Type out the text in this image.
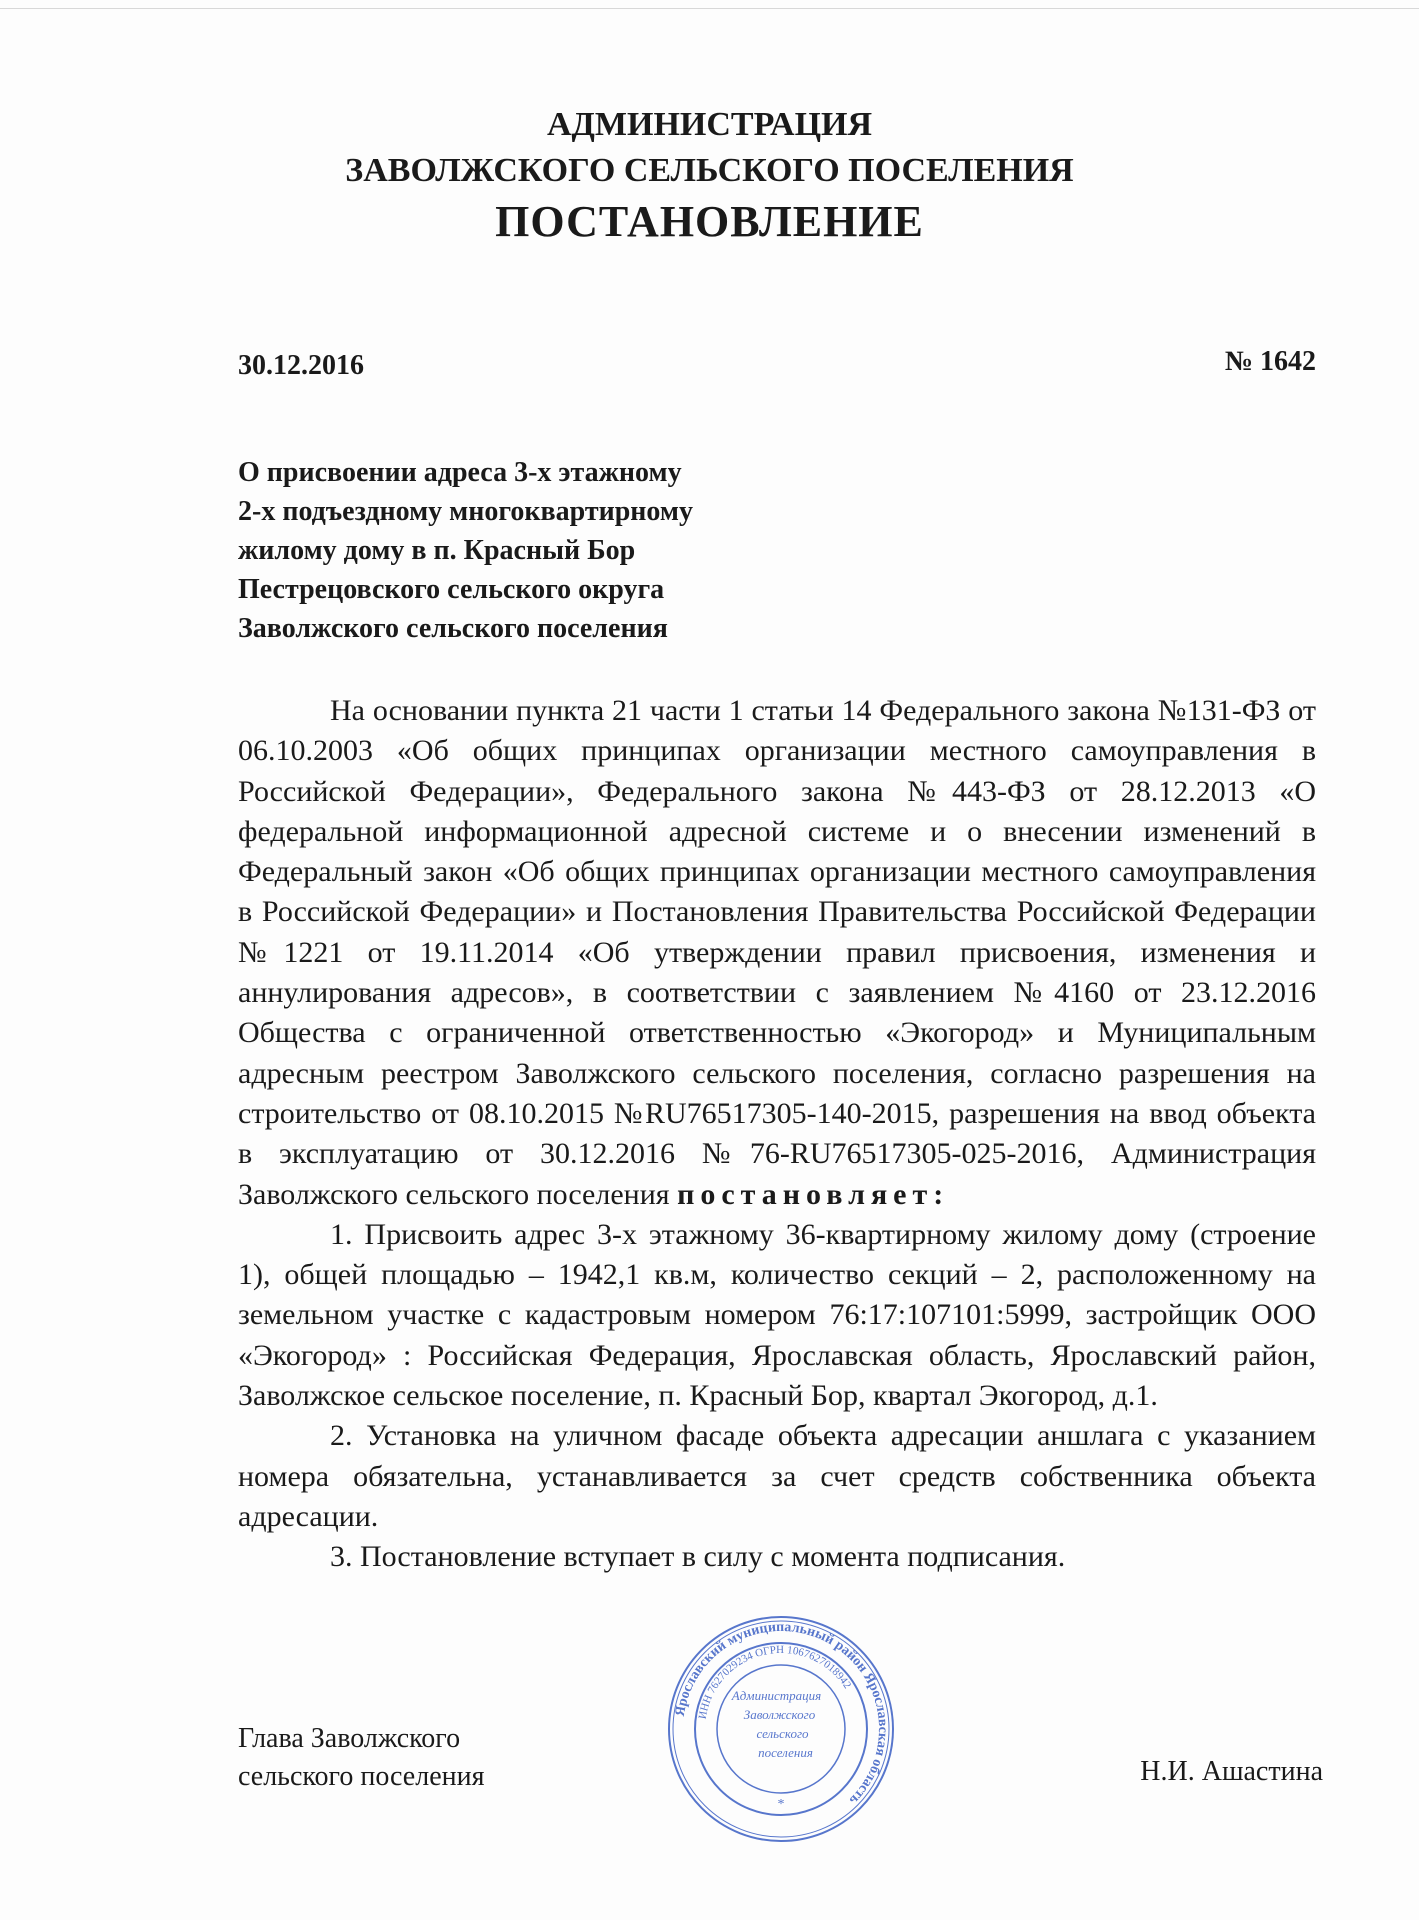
АДМИНИСТРАЦИЯ
ЗАВОЛЖСКОГО СЕЛЬСКОГО ПОСЕЛЕНИЯ
ПОСТАНОВЛЕНИЕ
30.12.2016	№ 1642
О присвоении адреса 3-х этажному
2-х подъездному многоквартирному
жилому дому в п. Красный Бор
Пестрецовского сельского округа
Заволжского сельского поселения

На основании пункта 21 части 1 статьи 14 Федерального закона №131-ФЗ от 06.10.2003 «Об общих принципах организации местного самоуправления в Российской Федерации», Федерального закона №443-ФЗ от 28.12.2013 «О федеральной информационной адресной системе и о внесении изменений в Федеральный закон «Об общих принципах организации местного самоуправления в Российской Федерации» и Постановления Правительства Российской Федерации №1221 от 19.11.2014 «Об утверждении правил присвоения, изменения и аннулирования адресов», в соответствии с заявлением №4160 от 23.12.2016 Общества с ограниченной ответственностью «Экогород» и Муниципальным адресным реестром Заволжского сельского поселения, согласно разрешения на строительство от 08.10.2015 №RU76517305-140-2015, разрешения на ввод объекта в эксплуатацию от 30.12.2016 №76-RU76517305-025-2016, Администрация Заволжского сельского поселения постановляет:

1. Присвоить адрес 3-х этажному 36-квартирному жилому дому (строение 1), общей площадью – 1942,1 кв.м, количество секций – 2, расположенному на земельном участке с кадастровым номером 76:17:107101:5999, застройщик ООО «Экогород» : Российская Федерация, Ярославская область, Ярославский район, Заволжское сельское поселение, п. Красный Бор, квартал Экогород, д.1.

2. Установка на уличном фасаде объекта адресации аншлага с указанием номера обязательна, устанавливается за счет средств собственника объекта адресации.

3. Постановление вступает в силу с момента подписания.

Глава Заволжского
сельского поселения	Н.И. Ашастина
Ярославский муниципальный район Ярославская область
ИНН 7627029234 ОГРН 1067627018942
Администрация
Заволжского
сельского
поселения
*
